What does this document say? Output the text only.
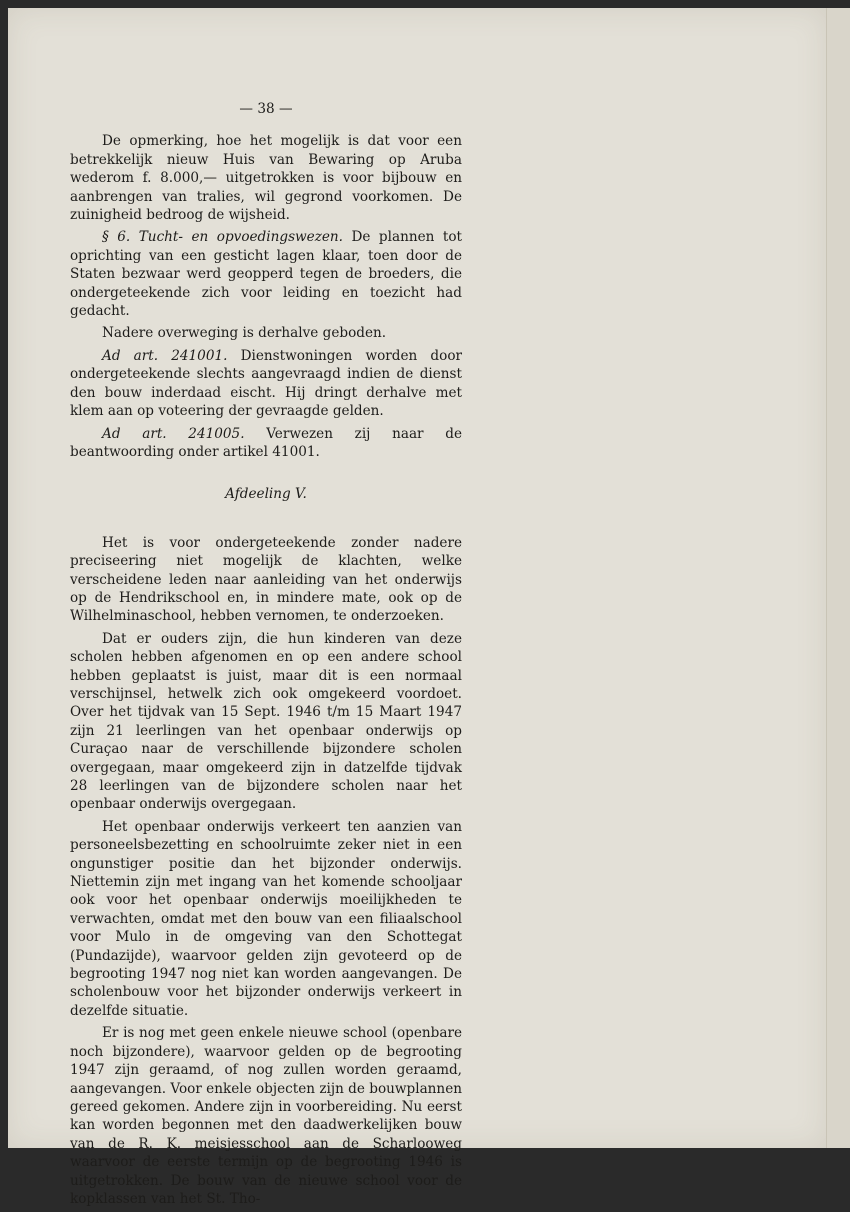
— 38 —

De opmerking, hoe het mogelijk is dat voor een betrekkelijk nieuw Huis van Bewaring op Aruba wederom f. 8.000,— uitgetrokken is voor bijbouw en aanbrengen van tralies, wil gegrond voorkomen. De zuinigheid bedroog de wijsheid.

§ 6. Tucht- en opvoedingswezen. De plannen tot oprichting van een gesticht lagen klaar, toen door de Staten bezwaar werd geopperd tegen de broeders, die ondergeteekende zich voor leiding en toezicht had gedacht.

Nadere overweging is derhalve geboden.

Ad art. 241001. Dienstwoningen worden door ondergeteekende slechts aangevraagd indien de dienst den bouw inderdaad eischt. Hij dringt derhalve met klem aan op voteering der gevraagde gelden.

Ad art. 241005. Verwezen zij naar de beantwoording onder artikel 41001.

Afdeeling V.

Het is voor ondergeteekende zonder nadere preciseering niet mogelijk de klachten, welke verscheidene leden naar aanleiding van het onderwijs op de Hendrikschool en, in mindere mate, ook op de Wilhelminaschool, hebben vernomen, te onderzoeken.

Dat er ouders zijn, die hun kinderen van deze scholen hebben afgenomen en op een andere school hebben geplaatst is juist, maar dit is een normaal verschijnsel, hetwelk zich ook omgekeerd voordoet. Over het tijdvak van 15 Sept. 1946 t/m 15 Maart 1947 zijn 21 leerlingen van het openbaar onderwijs op Curaçao naar de verschillende bijzondere scholen overgegaan, maar omgekeerd zijn in datzelfde tijdvak 28 leerlingen van de bijzondere scholen naar het openbaar onderwijs overgegaan.

Het openbaar onderwijs verkeert ten aanzien van personeelsbezetting en schoolruimte zeker niet in een ongunstiger positie dan het bijzonder onderwijs. Niettemin zijn met ingang van het komende schooljaar ook voor het openbaar onderwijs moeilijkheden te verwachten, omdat met den bouw van een filiaalschool voor Mulo in de omgeving van den Schottegat (Pundazijde), waarvoor gelden zijn gevoteerd op de begrooting 1947 nog niet kan worden aangevangen. De scholenbouw voor het bijzonder onderwijs verkeert in dezelfde situatie.

Er is nog met geen enkele nieuwe school (openbare noch bijzondere), waarvoor gelden op de begrooting 1947 zijn geraamd, of nog zullen worden geraamd, aangevangen. Voor enkele objecten zijn de bouwplannen gereed gekomen. Andere zijn in voorbereiding. Nu eerst kan worden begonnen met den daadwerkelijken bouw van de R. K. meisjesschool aan de Scharlooweg waarvoor de eerste termijn op de begrooting 1946 is uitgetrokken. De bouw van de nieuwe school voor de kopklassen van het St. Tho-
